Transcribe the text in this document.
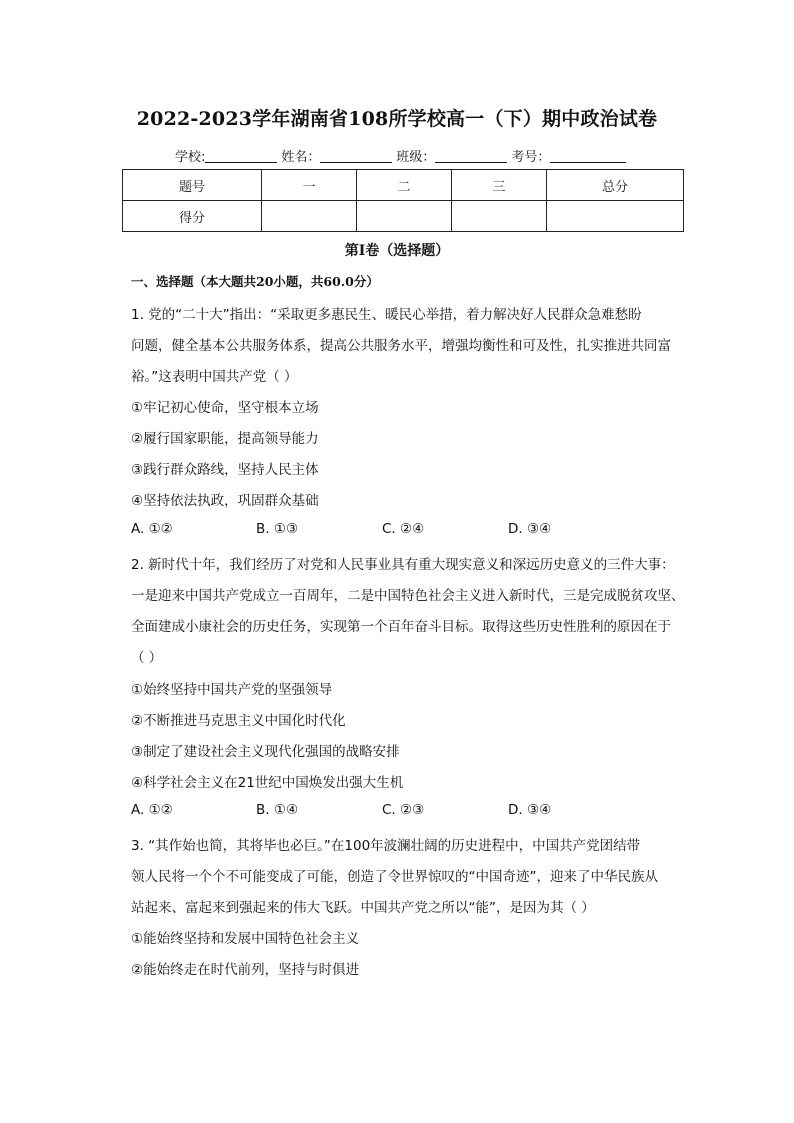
2022-2023学年湖南省108所学校高一（下）期中政治试卷
学校:	姓名：	班级：	考号：
题号	一	二	三	总分
得分				
第I卷（选择题）
一、选择题（本大题共20小题，共60.0分）
1. 党的“二十大”指出：“采取更多惠民生、暖民心举措，着力解决好人民群众急难愁盼
问题，健全基本公共服务体系，提高公共服务水平，增强均衡性和可及性，扎实推进共同富
裕。”这表明中国共产党（ ）
①牢记初心使命，坚守根本立场
②履行国家职能，提高领导能力
③践行群众路线，坚持人民主体
④坚持依法执政，巩固群众基础
A. ①②	B. ①③	C. ②④	D. ③④
2. 新时代十年，我们经历了对党和人民事业具有重大现实意义和深远历史意义的三件大事：
一是迎来中国共产党成立一百周年，二是中国特色社会主义进入新时代，三是完成脱贫攻坚、
全面建成小康社会的历史任务，实现第一个百年奋斗目标。取得这些历史性胜利的原因在于
（ ）
①始终坚持中国共产党的坚强领导
②不断推进马克思主义中国化时代化
③制定了建设社会主义现代化强国的战略安排
④科学社会主义在21世纪中国焕发出强大生机
A. ①②	B. ①④	C. ②③	D. ③④
3. “其作始也简，其将毕也必巨。”在100年波澜壮阔的历史进程中，中国共产党团结带
领人民将一个个不可能变成了可能，创造了令世界惊叹的“中国奇迹”，迎来了中华民族从
站起来、富起来到强起来的伟大飞跃。中国共产党之所以“能”，是因为其（ ）
①能始终坚持和发展中国特色社会主义
②能始终走在时代前列，坚持与时俱进
